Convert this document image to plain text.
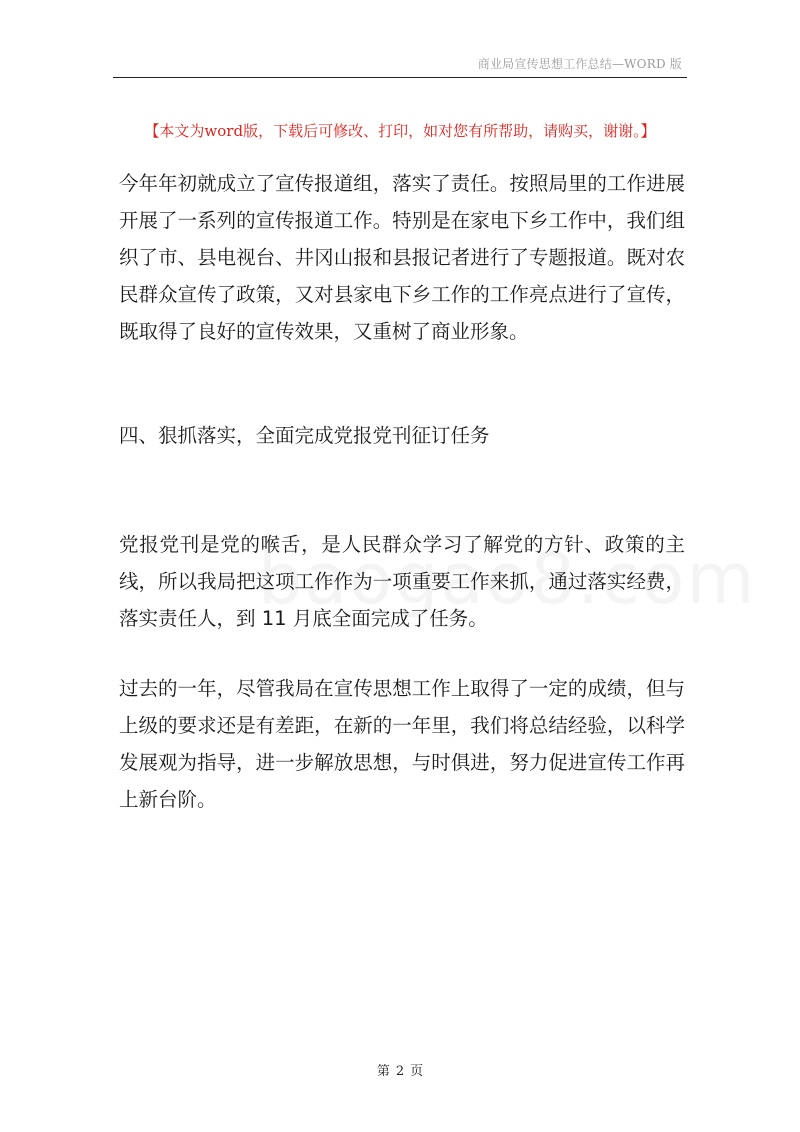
商业局宣传思想工作总结—WORD 版
【本文为word版，下载后可修改、打印，如对您有所帮助，请购买，谢谢。】

今年年初就成立了宣传报道组，落实了责任。按照局里的工作进展开展了一系列的宣传报道工作。特别是在家电下乡工作中，我们组织了市、县电视台、井冈山报和县报记者进行了专题报道。既对农民群众宣传了政策，又对县家电下乡工作的工作亮点进行了宣传，既取得了良好的宣传效果，又重树了商业形象。

四、狠抓落实，全面完成党报党刊征订任务

党报党刊是党的喉舌，是人民群众学习了解党的方针、政策的主线，所以我局把这项工作作为一项重要工作来抓，通过落实经费，落实责任人，到 11 月底全面完成了任务。

过去的一年，尽管我局在宣传思想工作上取得了一定的成绩，但与上级的要求还是有差距，在新的一年里，我们将总结经验，以科学发展观为指导，进一步解放思想，与时俱进，努力促进宣传工作再上新台阶。

第 2 页
